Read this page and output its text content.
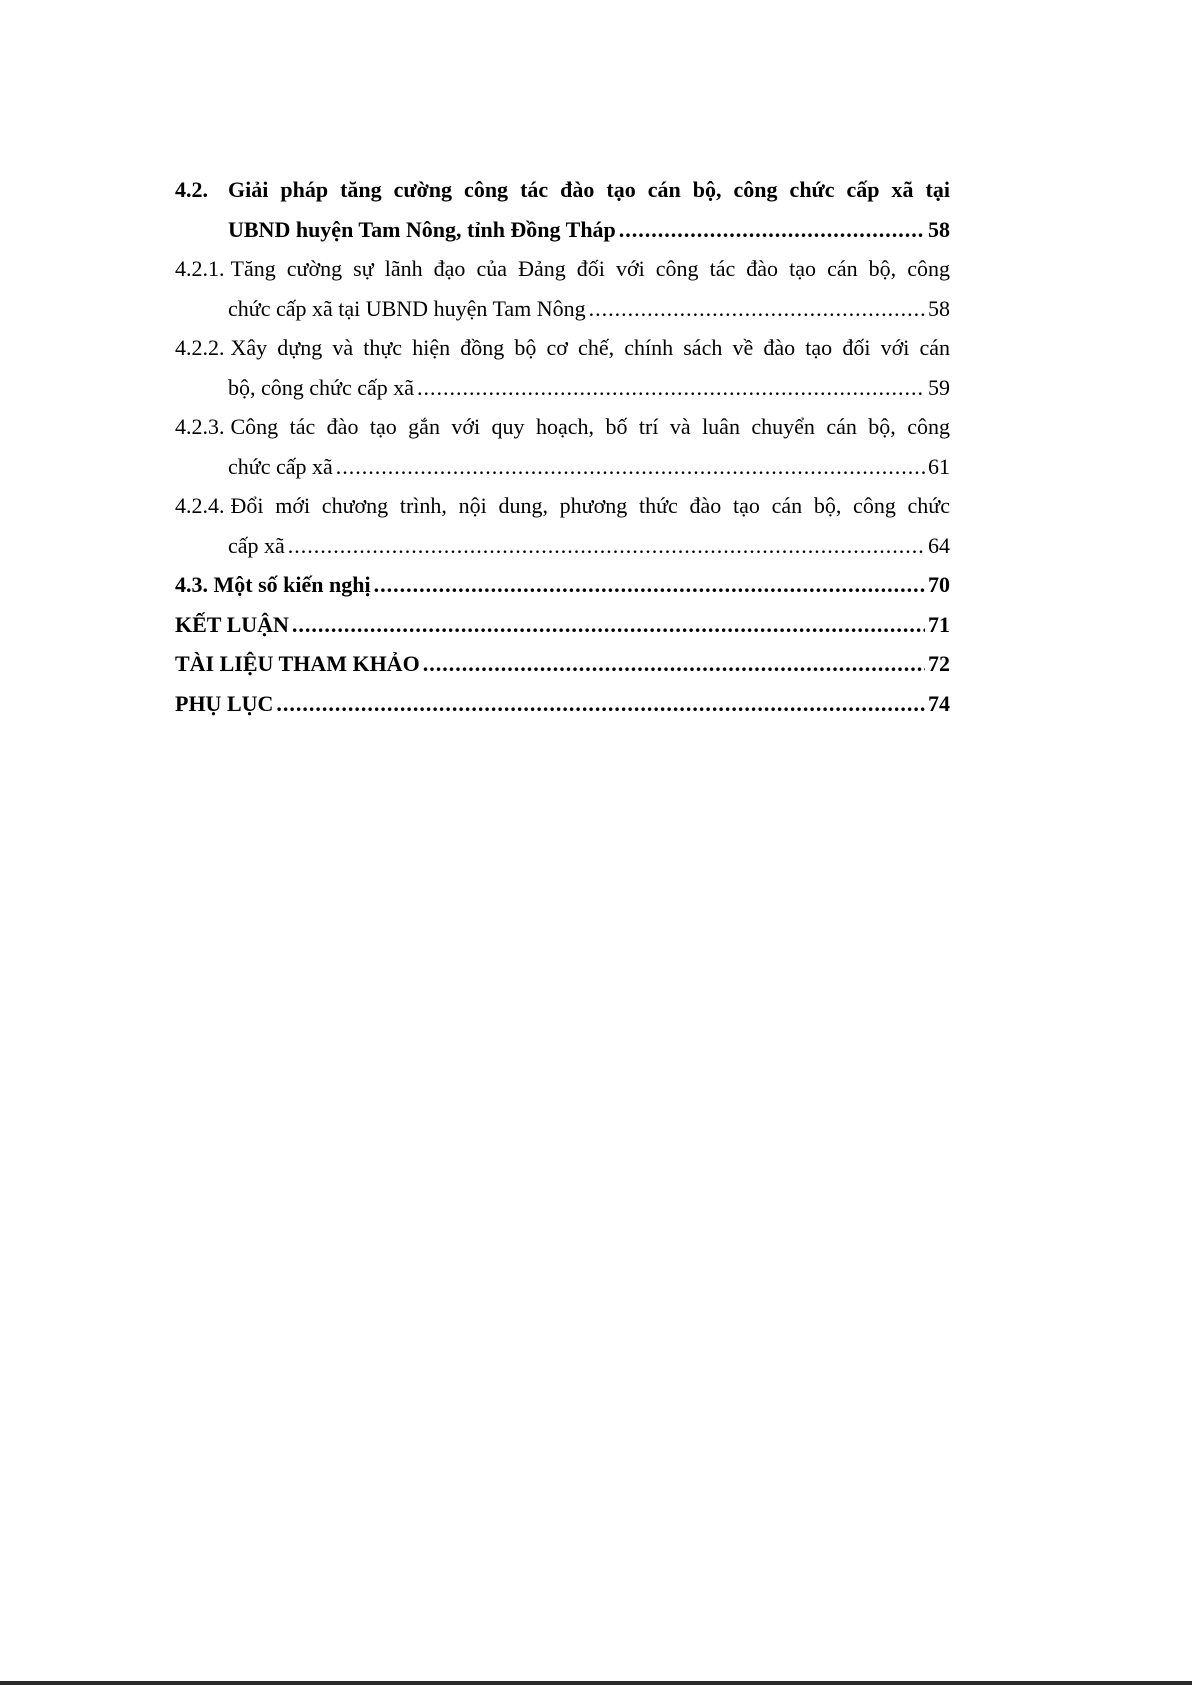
4.2. Giải pháp tăng cường công tác đào tạo cán bộ, công chức cấp xã tại
UBND huyện Tam Nông, tỉnh Đồng Tháp .....	58
4.2.1. Tăng cường sự lãnh đạo của Đảng đối với công tác đào tạo cán bộ, công
chức cấp xã tại UBND huyện Tam Nông .....	58
4.2.2. Xây dựng và thực hiện đồng bộ cơ chế, chính sách về đào tạo đối với cán
bộ, công chức cấp xã .....	59
4.2.3. Công tác đào tạo gắn với quy hoạch, bố trí và luân chuyển cán bộ, công
chức cấp xã .....	61
4.2.4. Đổi mới chương trình, nội dung, phương thức đào tạo cán bộ, công chức
cấp xã .....	64
4.3. Một số kiến nghị .....	70
KẾT LUẬN .....	71
TÀI LIỆU THAM KHẢO .....	72
PHỤ LỤC .....	74
